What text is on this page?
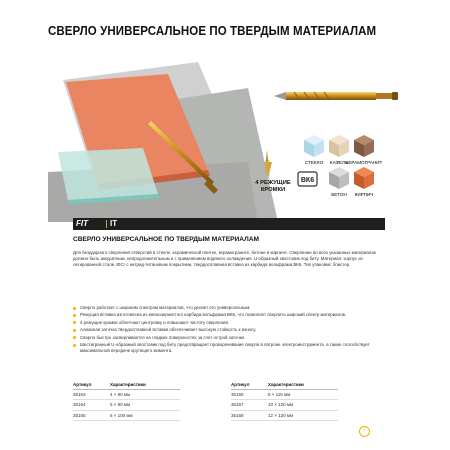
СВЕРЛО УНИВЕРСАЛЬНОЕ ПО ТВЕРДЫМ МАТЕРИАЛАМ
4 РЕЖУЩИЕ
КРОМКИ
СТЕКЛО КАФЕЛЬ
КЕРАМОГРАНИТ
ВК6
БЕТОН КИРПИЧ
FIT	IT
СВЕРЛО УНИВЕРСАЛЬНОЕ ПО ТВЕРДЫМ МАТЕРИАЛАМ
Для безударного сверления отверстий в стекле, керамической плитке, керамограните, бетоне и кирпиче. Сверление во всех указанных материалах должно быть аккуратным, непродолжительным и с применением водяного охлаждения. U-образный хвостовик под биту. Материал: корпус из легированной стали 40Cr с нитрид-титановым покрытием, твердосплавная вставка из карбида вольфрама ВК6. Тип упаковки: блистер.
Сверло работает с широким спектром материалов, что делает его универсальным.
Режущая вставка изготовлена из мелкозернистого карбида вольфрама ВК6, что позволяет сверлить широкий спектр материалов.
4 режущие кромки облегчают центровку и повышают чистоту сверления.
Алмазная заточка твердосплавной вставки обеспечивает высокую стойкость к износу.
Сверло быстро засверливается на гладких поверхностях за счет острой заточки.
Шестигранный U-образный хвостовик под биту предотвращает проворачивание сверла в патроне электроинструмента, а также способствует максимальной передаче крутящего момента.
Артикул	Характеристики
35163	4 × 90 мм
35164	5 × 90 мм
35165	6 × 100 мм
Артикул	Характеристики
35166	8 × 115 мм
35167	10 × 120 мм
35168	12 × 120 мм
↑
